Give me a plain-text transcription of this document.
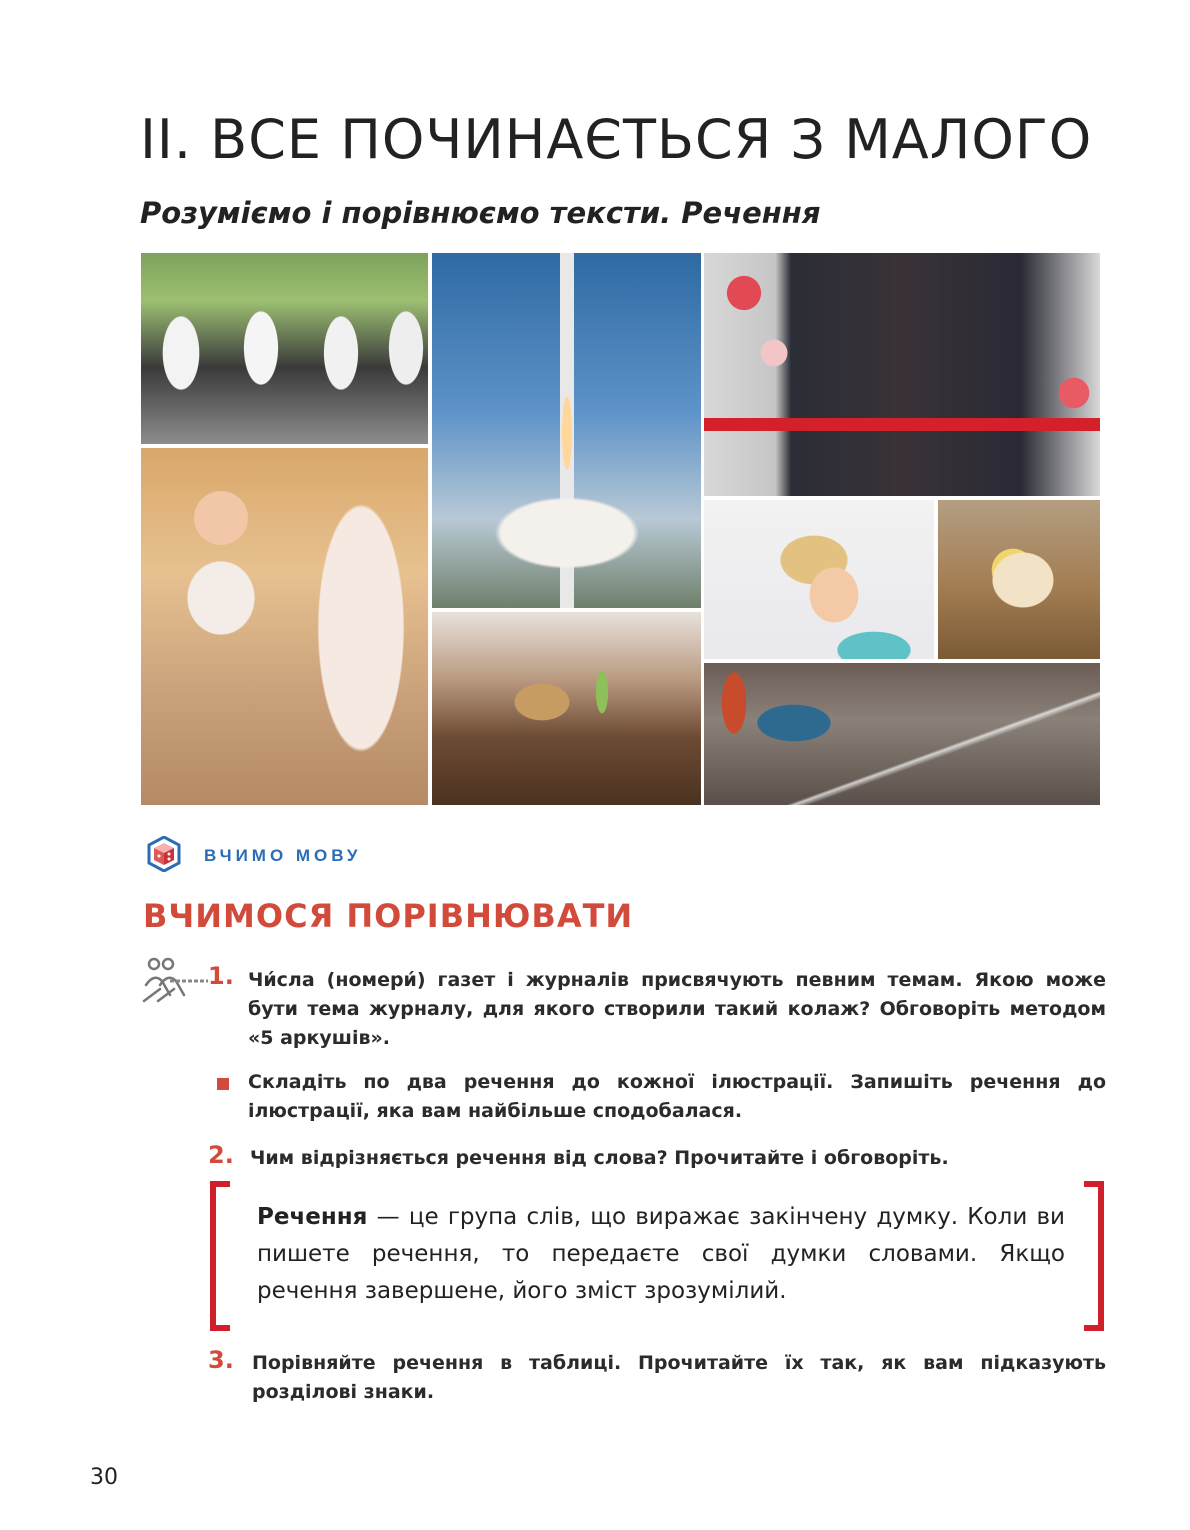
ІІ. ВСЕ ПОЧИНАЄТЬСЯ З МАЛОГО
Розуміємо і порівнюємо тексти. Речення

ВЧИМО МОВУ

ВЧИМОСЯ ПОРІВНЮВАТИ
1. Чи́сла (номери́) газет і журналів присвячують певним темам. Якою може бути тема журналу, для якого створили такий колаж? Обговоріть методом «5 аркушів».

Складіть по два речення до кожної ілюстрації. Запишіть речення до ілюстрації, яка вам найбільше сподобалася.

2. Чим відрізняється речення від слова? Прочитайте і обговоріть.

Речення — це група слів, що виражає закінчену думку. Коли ви пишете речення, то передаєте свої думки словами. Якщо речення завершене, його зміст зрозумілий.

3. Порівняйте речення в таблиці. Прочитайте їх так, як вам підказують розділові знаки.

30
